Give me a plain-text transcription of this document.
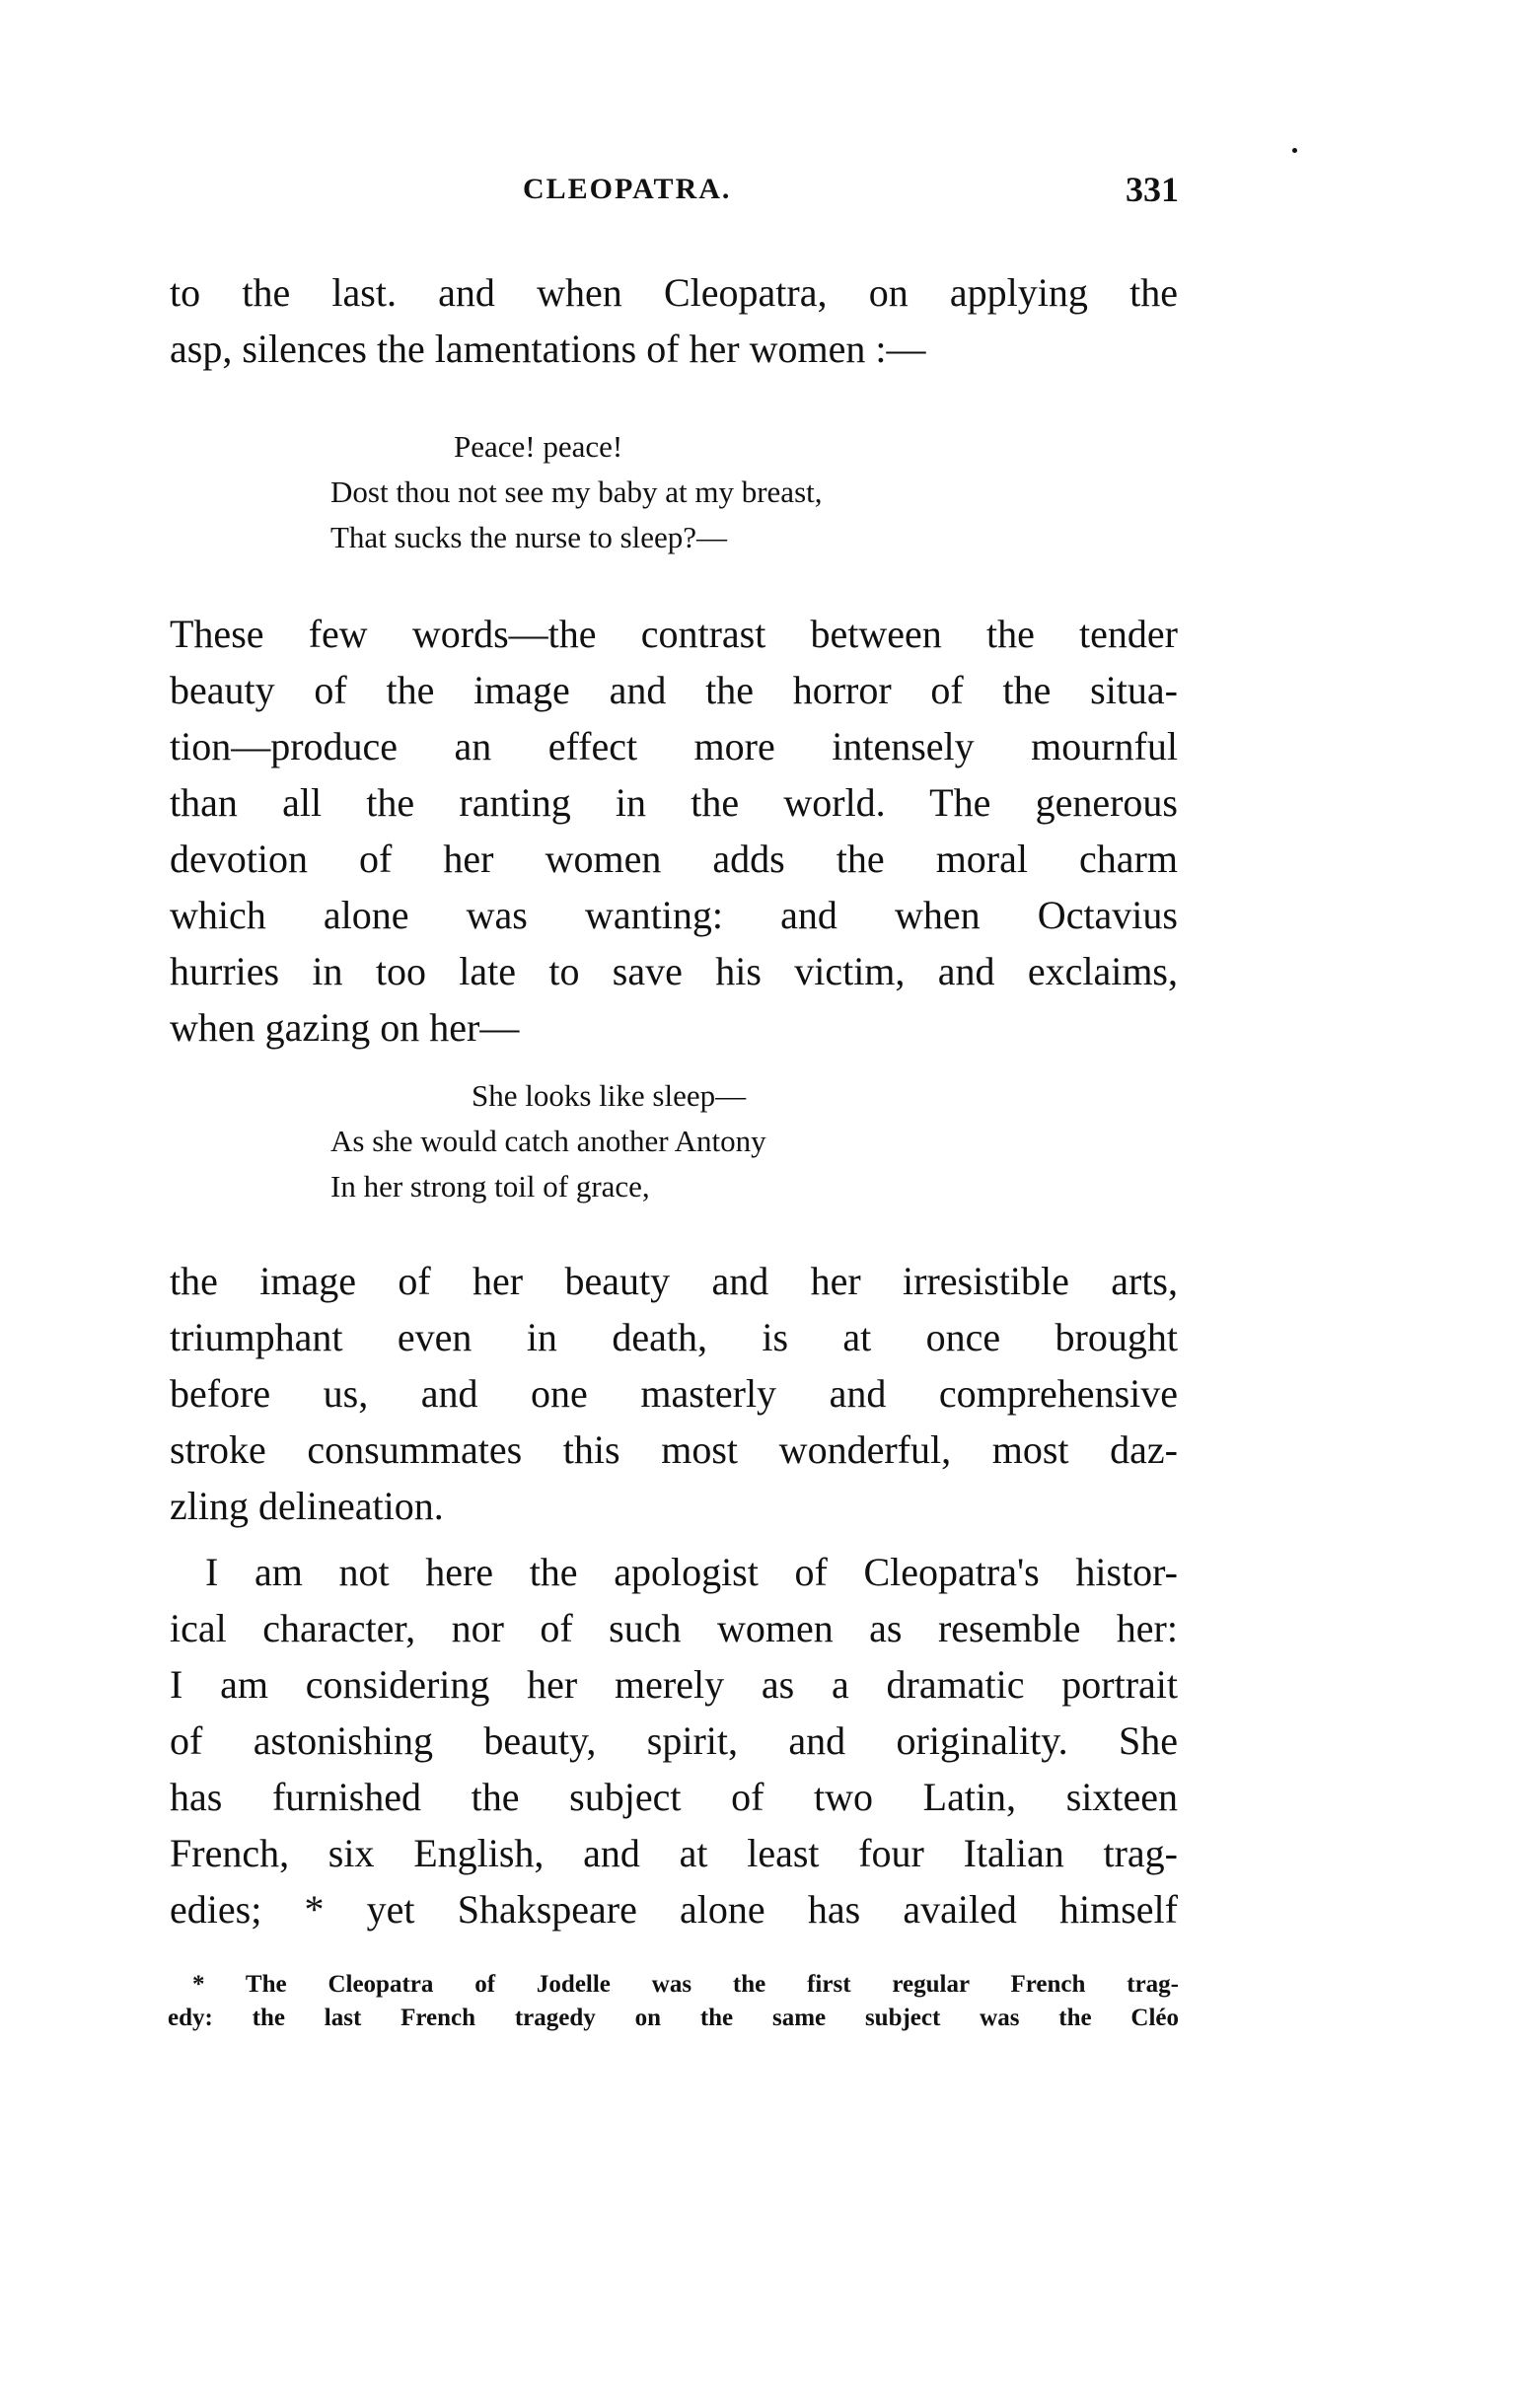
CLEOPATRA.	331
to the last. and when Cleopatra, on applying the
asp, silences the lamentations of her women :—
Peace! peace!
Dost thou not see my baby at my breast,
That sucks the nurse to sleep?—
These few words—the contrast between the tender
beauty of the image and the horror of the situa-
tion—produce an effect more intensely mournful
than all the ranting in the world. The generous
devotion of her women adds the moral charm
which alone was wanting: and when Octavius
hurries in too late to save his victim, and exclaims,
when gazing on her—
She looks like sleep—
As she would catch another Antony
In her strong toil of grace,
the image of her beauty and her irresistible arts,
triumphant even in death, is at once brought
before us, and one masterly and comprehensive
stroke consummates this most wonderful, most daz-
zling delineation.
I am not here the apologist of Cleopatra's histor-
ical character, nor of such women as resemble her:
I am considering her merely as a dramatic portrait
of astonishing beauty, spirit, and originality. She
has furnished the subject of two Latin, sixteen
French, six English, and at least four Italian trag-
edies; * yet Shakspeare alone has availed himself
* The Cleopatra of Jodelle was the first regular French trag-
edy: the last French tragedy on the same subject was the Cléo
